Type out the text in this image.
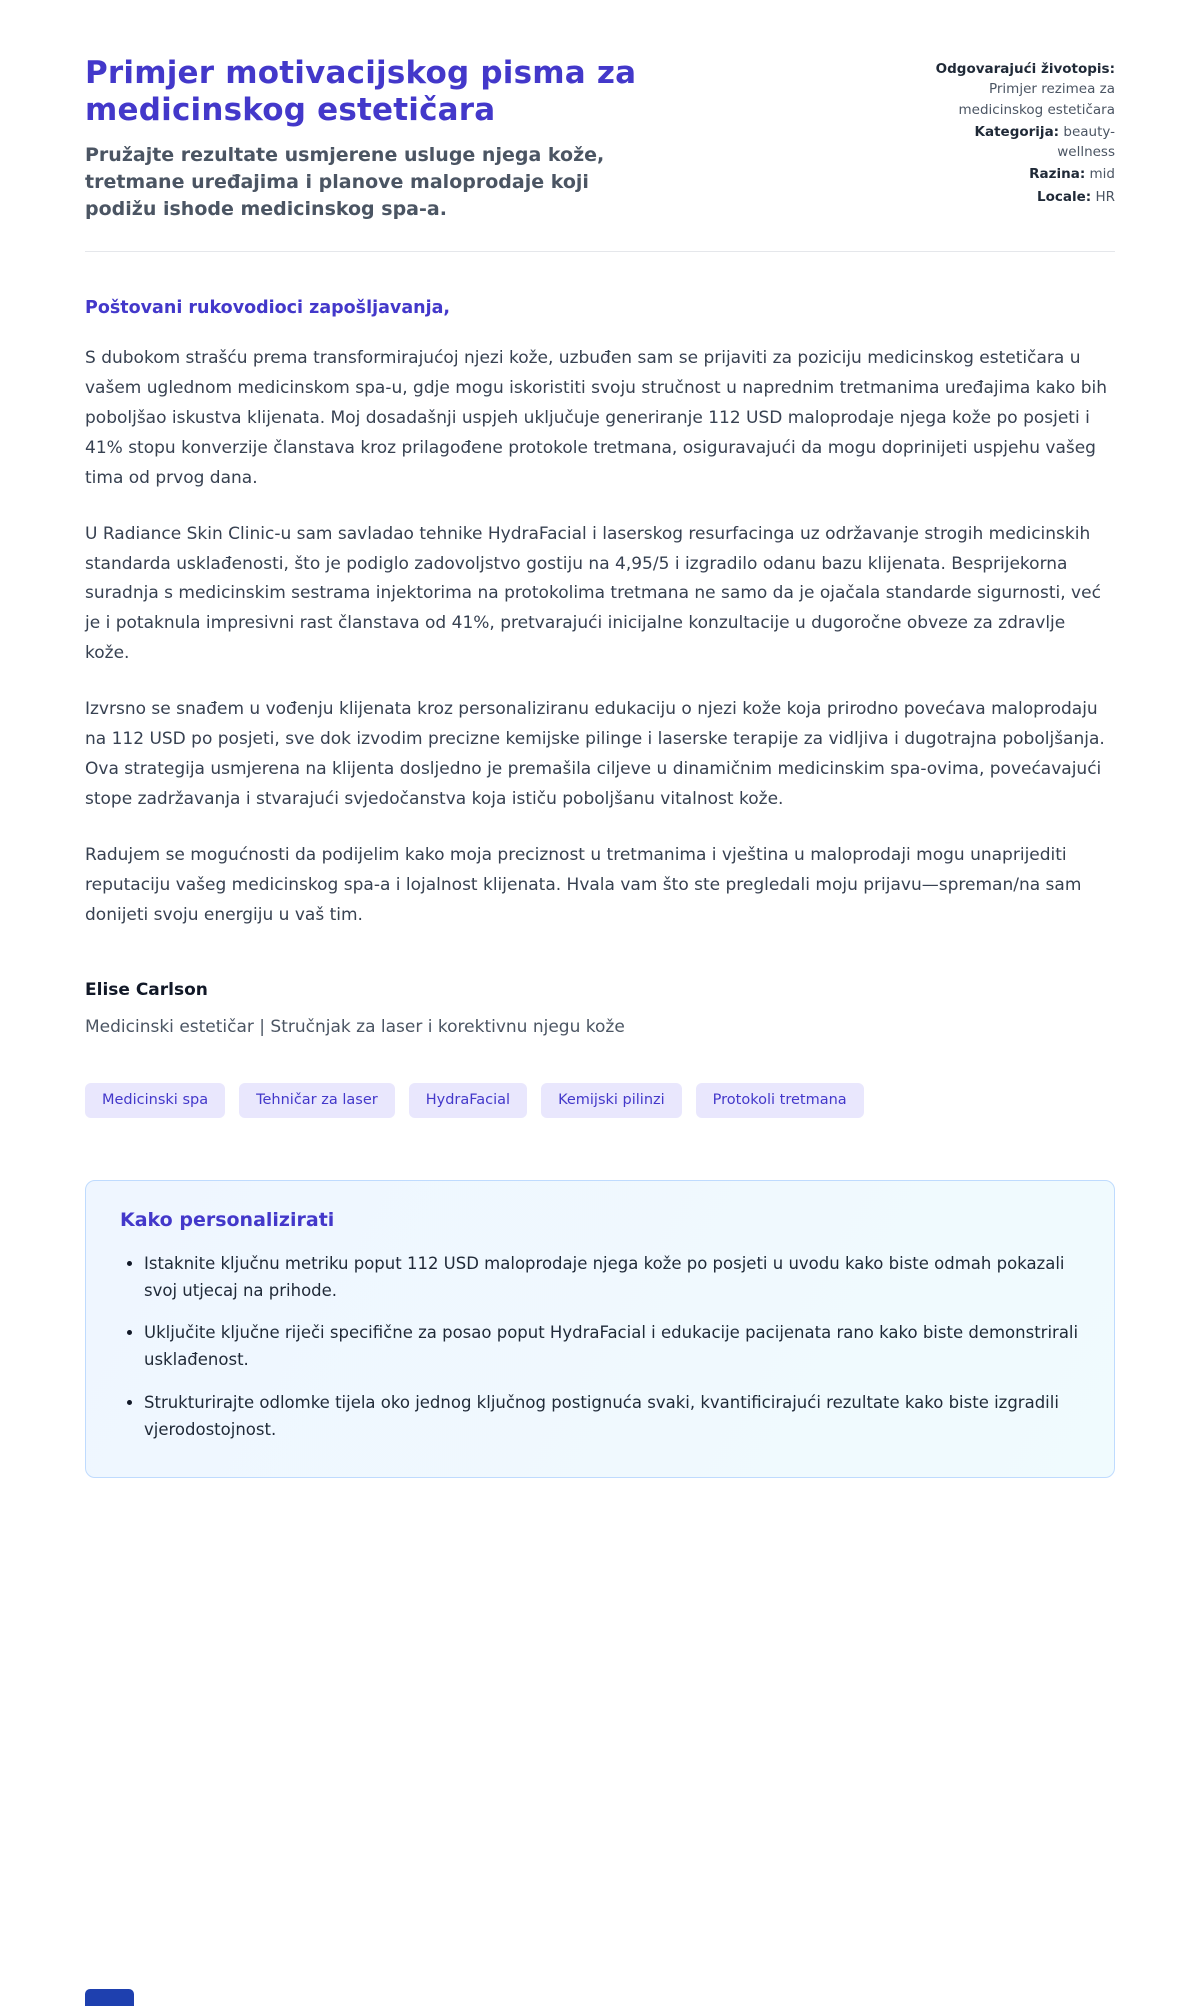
Primjer motivacijskog pisma za medicinskog estetičara

Pružajte rezultate usmjerene usluge njega kože, tretmane uređajima i planove maloprodaje koji podižu ishode medicinskog spa-a.

Odgovarajući životopis: Primjer rezimea za medicinskog estetičara
Kategorija: beauty-wellness
Razina: mid
Locale: HR

Poštovani rukovodioci zapošljavanja,

S dubokom strašću prema transformirajućoj njezi kože, uzbuđen sam se prijaviti za poziciju medicinskog estetičara u vašem uglednom medicinskom spa-u, gdje mogu iskoristiti svoju stručnost u naprednim tretmanima uređajima kako bih poboljšao iskustva klijenata. Moj dosadašnji uspjeh uključuje generiranje 112 USD maloprodaje njega kože po posjeti i 41% stopu konverzije članstava kroz prilagođene protokole tretmana, osiguravajući da mogu doprinijeti uspjehu vašeg tima od prvog dana.

U Radiance Skin Clinic-u sam savladao tehnike HydraFacial i laserskog resurfacinga uz održavanje strogih medicinskih standarda usklađenosti, što je podiglo zadovoljstvo gostiju na 4,95/5 i izgradilo odanu bazu klijenata. Besprijekorna suradnja s medicinskim sestrama injektorima na protokolima tretmana ne samo da je ojačala standarde sigurnosti, već je i potaknula impresivni rast članstava od 41%, pretvarajući inicijalne konzultacije u dugoročne obveze za zdravlje kože.

Izvrsno se snađem u vođenju klijenata kroz personaliziranu edukaciju o njezi kože koja prirodno povećava maloprodaju na 112 USD po posjeti, sve dok izvodim precizne kemijske pilinge i laserske terapije za vidljiva i dugotrajna poboljšanja. Ova strategija usmjerena na klijenta dosljedno je premašila ciljeve u dinamičnim medicinskim spa-ovima, povećavajući stope zadržavanja i stvarajući svjedočanstva koja ističu poboljšanu vitalnost kože.

Radujem se mogućnosti da podijelim kako moja preciznost u tretmanima i vještina u maloprodaji mogu unaprijediti reputaciju vašeg medicinskog spa-a i lojalnost klijenata. Hvala vam što ste pregledali moju prijavu—spreman/na sam donijeti svoju energiju u vaš tim.

Elise Carlson

Medicinski estetičar | Stručnjak za laser i korektivnu njegu kože

Medicinski spa	Tehničar za laser	HydraFacial	Kemijski pilinzi	Protokoli tretmana
Kako personalizirati
• Istaknite ključnu metriku poput 112 USD maloprodaje njega kože po posjeti u uvodu kako biste odmah pokazali svoj utjecaj na prihode.
• Uključite ključne riječi specifične za posao poput HydraFacial i edukacije pacijenata rano kako biste demonstrirali usklađenost.
• Strukturirajte odlomke tijela oko jednog ključnog postignuća svaki, kvantificirajući rezultate kako biste izgradili vjerodostojnost.
